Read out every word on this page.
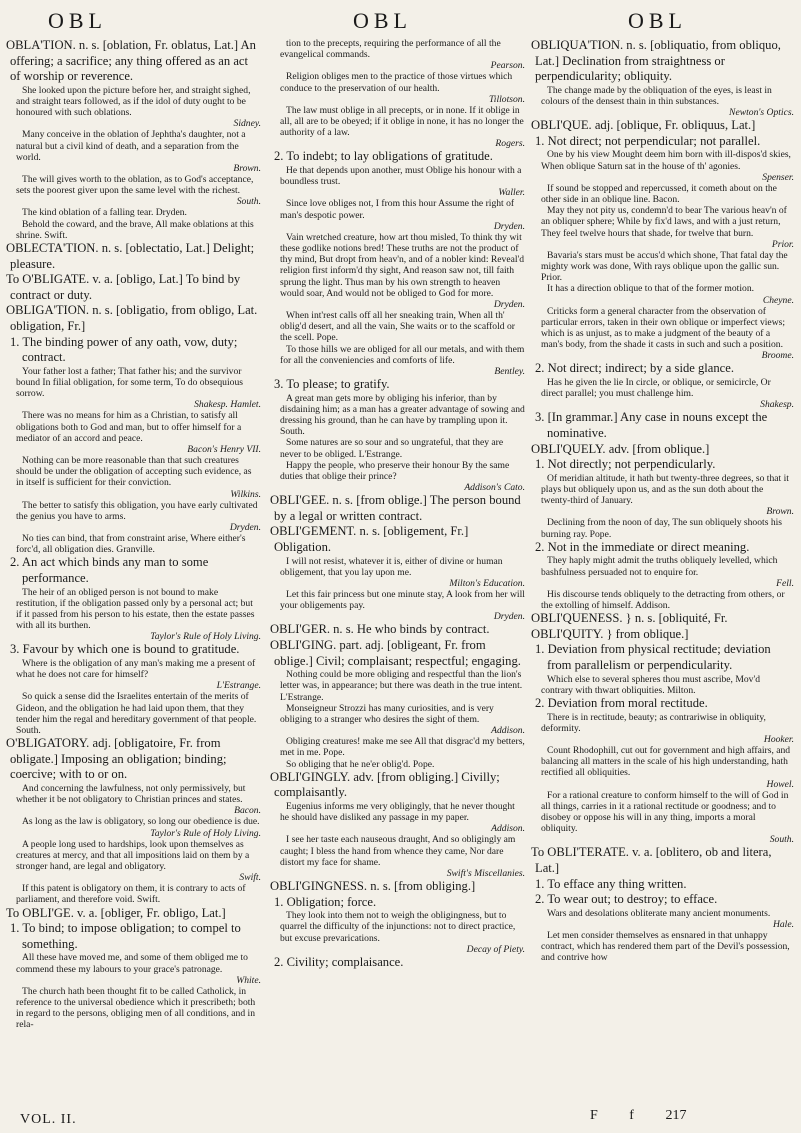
OBL	OBL	OBL

OBLA'TION. n. s. [oblation, Fr. oblatus, Lat.] An offering; a sacrifice; any thing offered as an act of worship or reverence.

She looked upon the picture before her, and straight sighed, and straight tears followed, as if the idol of duty ought to be honoured with such oblations.

Sidney.

Many conceive in the oblation of Jephtha's daughter, not a natural but a civil kind of death, and a separation from the world.

Brown.

The will gives worth to the oblation, as to God's acceptance, sets the poorest giver upon the same level with the richest.

South.

The kind oblation of a falling tear. Dryden.

Behold the coward, and the brave, All make oblations at this shrine. Swift.

OBLECTA'TION. n. s. [oblectatio, Lat.] Delight; pleasure.

To O'BLIGATE. v. a. [obligo, Lat.] To bind by contract or duty.

OBLIGA'TION. n. s. [obligatio, from obligo, Lat. obligation, Fr.]

1. The binding power of any oath, vow, duty; contract.

Your father lost a father; That father his; and the survivor bound In filial obligation, for some term, To do obsequious sorrow.

Shakesp. Hamlet.

There was no means for him as a Christian, to satisfy all obligations both to God and man, but to offer himself for a mediator of an accord and peace.

Bacon's Henry VII.

Nothing can be more reasonable than that such creatures should be under the obligation of accepting such evidence, as in itself is sufficient for their conviction.

Wilkins.

The better to satisfy this obligation, you have early cultivated the genius you have to arms.

Dryden.

No ties can bind, that from constraint arise, Where either's forc'd, all obligation dies. Granville.

2. An act which binds any man to some performance.

The heir of an obliged person is not bound to make restitution, if the obligation passed only by a personal act; but if it passed from his person to his estate, then the estate passes with all its burthen.

Taylor's Rule of Holy Living.

3. Favour by which one is bound to gratitude.

Where is the obligation of any man's making me a present of what he does not care for himself?

L'Estrange.

So quick a sense did the Israelites entertain of the merits of Gideon, and the obligation he had laid upon them, that they tender him the regal and hereditary government of that people. South.

O'BLIGATORY. adj. [obligatoire, Fr. from obligate.] Imposing an obligation; binding; coercive; with to or on.

And concerning the lawfulness, not only permissively, but whether it be not obligatory to Christian princes and states.

Bacon.

As long as the law is obligatory, so long our obedience is due.

Taylor's Rule of Holy Living.

A people long used to hardships, look upon themselves as creatures at mercy, and that all impositions laid on them by a stronger hand, are legal and obligatory.

Swift.

If this patent is obligatory on them, it is contrary to acts of parliament, and therefore void. Swift.

To OBLI'GE. v. a. [obliger, Fr. obligo, Lat.]

1. To bind; to impose obligation; to compel to something.

All these have moved me, and some of them obliged me to commend these my labours to your grace's patronage.

White.

The church hath been thought fit to be called Catholick, in reference to the universal obedience which it prescribeth; both in regard to the persons, obliging men of all conditions, and in rela-

tion to the precepts, requiring the performance of all the evangelical commands.

Pearson.

Religion obliges men to the practice of those virtues which conduce to the preservation of our health.

Tillotson.

The law must oblige in all precepts, or in none. If it oblige in all, all are to be obeyed; if it oblige in none, it has no longer the authority of a law.

Rogers.

2. To indebt; to lay obligations of gratitude.

He that depends upon another, must Oblige his honour with a boundless trust.

Waller.

Since love obliges not, I from this hour Assume the right of man's despotic power.

Dryden.

Vain wretched creature, how art thou misled, To think thy wit these godlike notions bred! These truths are not the product of thy mind, But dropt from heav'n, and of a nobler kind: Reveal'd religion first inform'd thy sight, And reason saw not, till faith sprung the light. Thus man by his own strength to heaven would soar, And would not be obliged to God for more.

Dryden.

When int'rest calls off all her sneaking train, When all th' oblig'd desert, and all the vain, She waits or to the scaffold or the scell. Pope.

To those hills we are obliged for all our metals, and with them for all the conveniencies and comforts of life.

Bentley.

3. To please; to gratify.

A great man gets more by obliging his inferior, than by disdaining him; as a man has a greater advantage of sowing and dressing his ground, than he can have by trampling upon it. South.

Some natures are so sour and so ungrateful, that they are never to be obliged. L'Estrange.

Happy the people, who preserve their honour By the same duties that oblige their prince?

Addison's Cato.

OBLI'GEE. n. s. [from oblige.] The person bound by a legal or written contract.

OBLI'GEMENT. n. s. [obligement, Fr.] Obligation.

I will not resist, whatever it is, either of divine or human obligement, that you lay upon me.

Milton's Education.

Let this fair princess but one minute stay, A look from her will your obligements pay.

Dryden.

OBLI'GER. n. s. He who binds by contract.

OBLI'GING. part. adj. [obligeant, Fr. from oblige.] Civil; complaisant; respectful; engaging.

Nothing could be more obliging and respectful than the lion's letter was, in appearance; but there was death in the true intent. L'Estrange.

Monseigneur Strozzi has many curiosities, and is very obliging to a stranger who desires the sight of them.

Addison.

Obliging creatures! make me see All that disgrac'd my betters, met in me. Pope.

So obliging that he ne'er oblig'd. Pope.

OBLI'GINGLY. adv. [from obliging.] Civilly; complaisantly.

Eugenius informs me very obligingly, that he never thought he should have disliked any passage in my paper.

Addison.

I see her taste each nauseous draught, And so obligingly am caught; I bless the hand from whence they came, Nor dare distort my face for shame.

Swift's Miscellanies.

OBLI'GINGNESS. n. s. [from obliging.]

1. Obligation; force.

They look into them not to weigh the obligingness, but to quarrel the difficulty of the injunctions: not to direct practice, but excuse prevarications.

Decay of Piety.

2. Civility; complaisance.

OBLIQUA'TION. n. s. [obliquatio, from obliquo, Lat.] Declination from straightness or perpendicularity; obliquity.

The change made by the obliquation of the eyes, is least in colours of the densest thain in thin substances.

Newton's Optics.

OBLI'QUE. adj. [oblique, Fr. obliquus, Lat.]

1. Not direct; not perpendicular; not parallel.

One by his view Mought deem him born with ill-dispos'd skies, When oblique Saturn sat in the house of th' agonies.

Spenser.

If sound be stopped and repercussed, it cometh about on the other side in an oblique line. Bacon.

May they not pity us, condemn'd to bear The various heav'n of an obliquer sphere; While by fix'd laws, and with a just return, They feel twelve hours that shade, for twelve that burn.

Prior.

Bavaria's stars must be accus'd which shone, That fatal day the mighty work was done, With rays oblique upon the gallic sun. Prior.

It has a direction oblique to that of the former motion.

Cheyne.

Criticks form a general character from the observation of particular errors, taken in their own oblique or imperfect views; which is as unjust, as to make a judgment of the beauty of a man's body, from the shade it casts in such and such a position.

Broome.

2. Not direct; indirect; by a side glance.

Has he given the lie In circle, or oblique, or semicircle, Or direct parallel; you must challenge him.

Shakesp.

3. [In grammar.] Any case in nouns except the nominative.

OBLI'QUELY. adv. [from oblique.]

1. Not directly; not perpendicularly.

Of meridian altitude, it hath but twenty-three degrees, so that it plays but obliquely upon us, and as the sun doth about the twenty-third of January.

Brown.

Declining from the noon of day, The sun obliquely shoots his burning ray. Pope.

2. Not in the immediate or direct meaning.

They haply might admit the truths obliquely levelled, which bashfulness persuaded not to enquire for.

Fell.

His discourse tends obliquely to the detracting from others, or the extolling of himself. Addison.

OBLI'QUENESS. } n. s. [obliquité, Fr.

OBLI'QUITY. } from oblique.]

1. Deviation from physical rectitude; deviation from parallelism or perpendicularity.

Which else to several spheres thou must ascribe, Mov'd contrary with thwart obliquities. Milton.

2. Deviation from moral rectitude.

There is in rectitude, beauty; as contrariwise in obliquity, deformity.

Hooker.

Count Rhodophill, cut out for government and high affairs, and balancing all matters in the scale of his high understanding, hath rectified all obliquities.

Howel.

For a rational creature to conform himself to the will of God in all things, carries in it a rational rectitude or goodness; and to disobey or oppose his will in any thing, imports a moral obliquity.

South.

To OBLI'TERATE. v. a. [oblitero, ob and litera, Lat.]

1. To efface any thing written.

2. To wear out; to destroy; to efface.

Wars and desolations obliterate many ancient monuments.

Hale.

Let men consider themselves as ensnared in that unhappy contract, which has rendered them part of the Devil's possession, and contrive how

VOL. II.	F f 217
